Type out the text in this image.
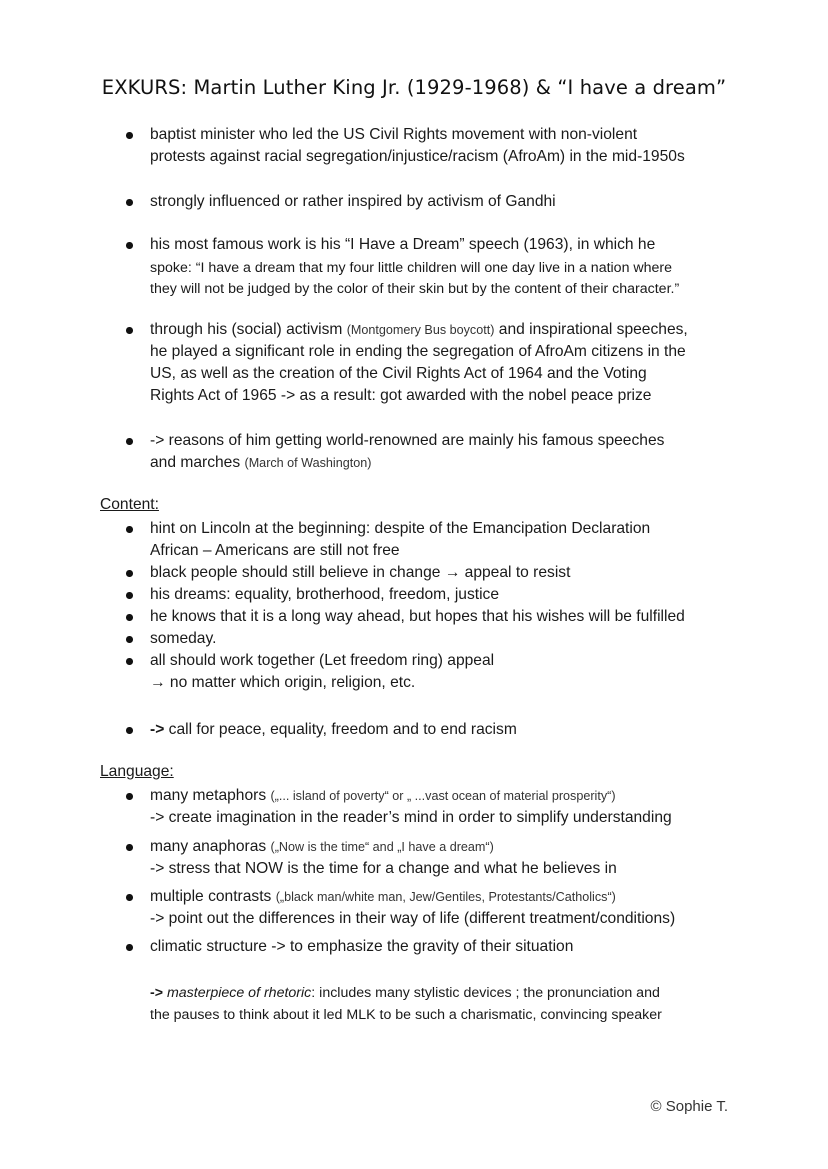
EXKURS: Martin Luther King Jr. (1929-1968) & “I have a dream”
baptist minister who led the US Civil Rights movement with non-violent
protests against racial segregation/injustice/racism (AfroAm) in the mid-1950s
strongly influenced or rather inspired by activism of Gandhi
his most famous work is his “I Have a Dream” speech (1963), in which he
spoke: “I have a dream that my four little children will one day live in a nation where
they will not be judged by the color of their skin but by the content of their character.”
through his (social) activism (Montgomery Bus boycott) and inspirational speeches,
he played a significant role in ending the segregation of AfroAm citizens in the
US, as well as the creation of the Civil Rights Act of 1964 and the Voting
Rights Act of 1965 -> as a result: got awarded with the nobel peace prize
-> reasons of him getting world-renowned are mainly his famous speeches
and marches (March of Washington)
Content:
hint on Lincoln at the beginning: despite of the Emancipation Declaration
African – Americans are still not free
black people should still believe in change → appeal to resist
his dreams: equality, brotherhood, freedom, justice
he knows that it is a long way ahead, but hopes that his wishes will be fulfilled
someday.
all should work together (Let freedom ring) appeal
→ no matter which origin, religion, etc.
-> call for peace, equality, freedom and to end racism
Language:
many metaphors („... island of poverty“ or „ ...vast ocean of material prosperity“)
-> create imagination in the reader’s mind in order to simplify understanding
many anaphoras („Now is the time“ and „I have a dream“)
-> stress that NOW is the time for a change and what he believes in
multiple contrasts („black man/white man, Jew/Gentiles, Protestants/Catholics“)
-> point out the differences in their way of life (different treatment/conditions)
climatic structure -> to emphasize the gravity of their situation
-> masterpiece of rhetoric: includes many stylistic devices ; the pronunciation and
the pauses to think about it led MLK to be such a charismatic, convincing speaker
© Sophie T.
